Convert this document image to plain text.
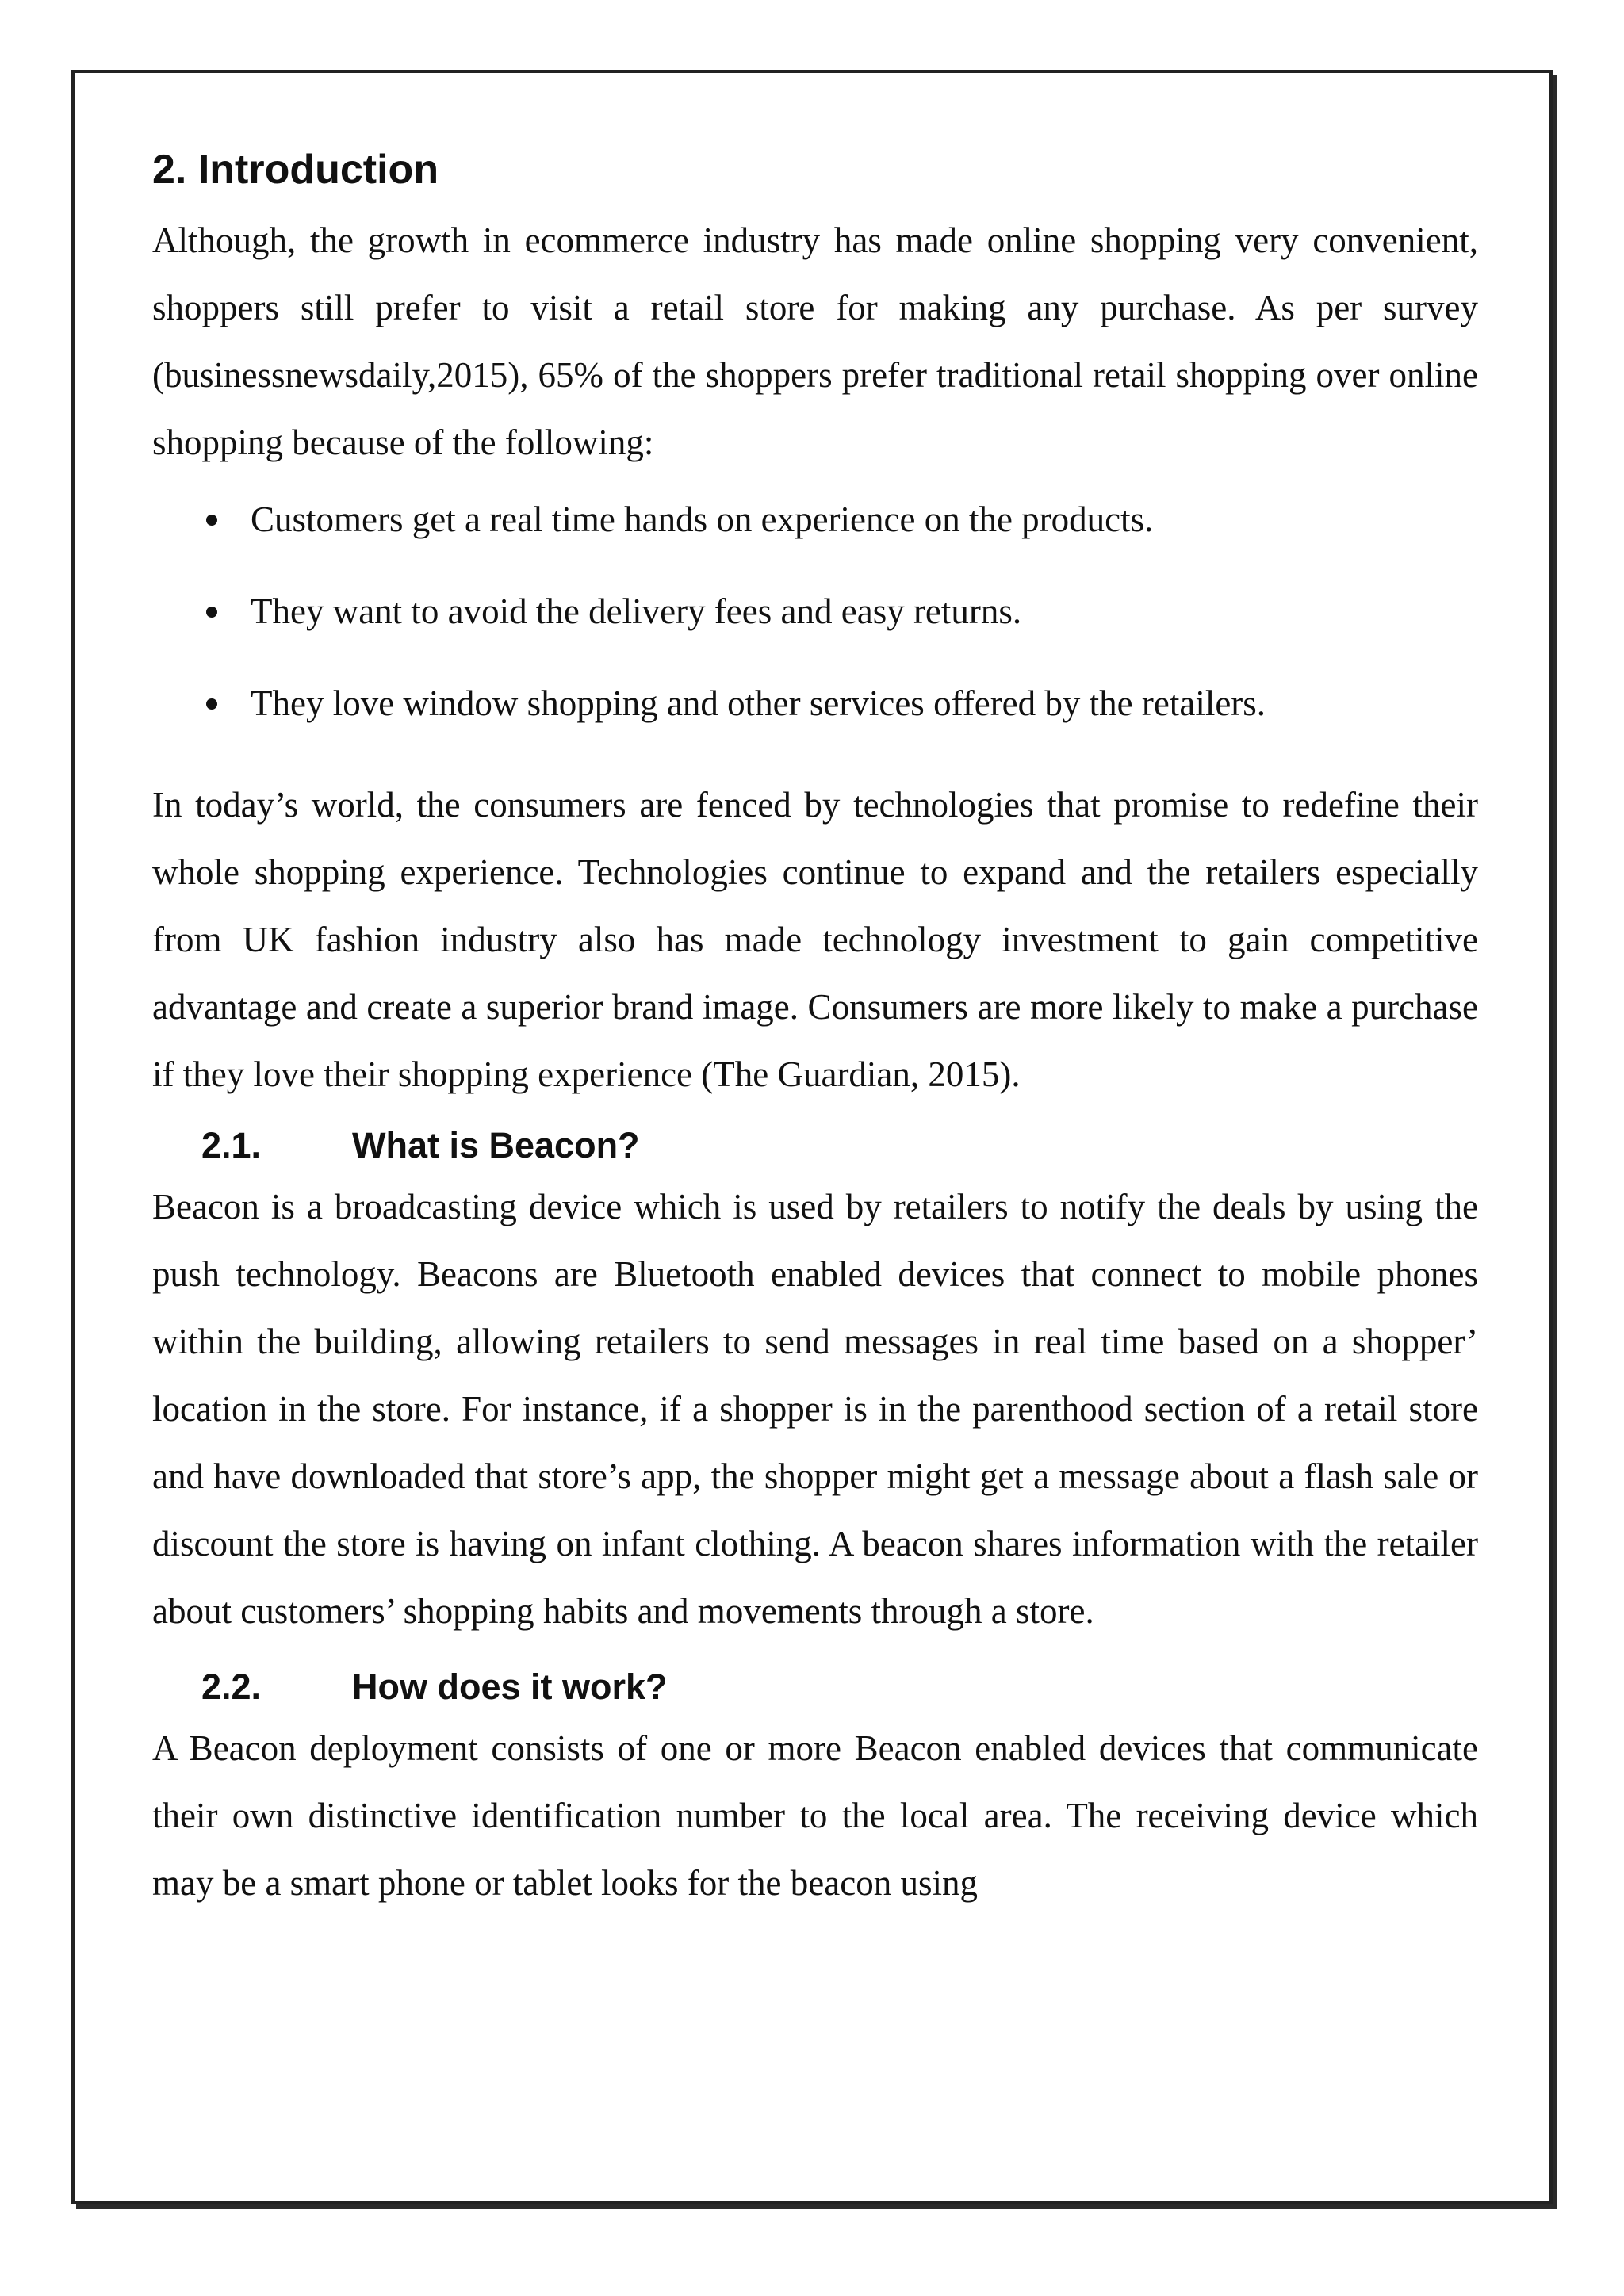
2. Introduction

Although, the growth in ecommerce industry has made online shopping very convenient, shoppers still prefer to visit a retail store for making any purchase. As per survey (businessnewsdaily,2015), 65% of the shoppers prefer traditional retail shopping over online shopping because of the following:

Customers get a real time hands on experience on the products.
They want to avoid the delivery fees and easy returns.
They love window shopping and other services offered by the retailers.

In today’s world, the consumers are fenced by technologies that promise to redefine their whole shopping experience. Technologies continue to expand and the retailers especially from UK fashion industry also has made technology investment to gain competitive advantage and create a superior brand image. Consumers are more likely to make a purchase if they love their shopping experience (The Guardian, 2015).

2.1.	What is Beacon?

Beacon is a broadcasting device which is used by retailers to notify the deals by using the push technology. Beacons are Bluetooth enabled devices that connect to mobile phones within the building, allowing retailers to send messages in real time based on a shopper’ location in the store. For instance, if a shopper is in the parenthood section of a retail store and have downloaded that store’s app, the shopper might get a message about a flash sale or discount the store is having on infant clothing. A beacon shares information with the retailer about customers’ shopping habits and movements through a store.

2.2.	How does it work?

A Beacon deployment consists of one or more Beacon enabled devices that communicate their own distinctive identification number to the local area. The receiving device which may be a smart phone or tablet looks for the beacon using
